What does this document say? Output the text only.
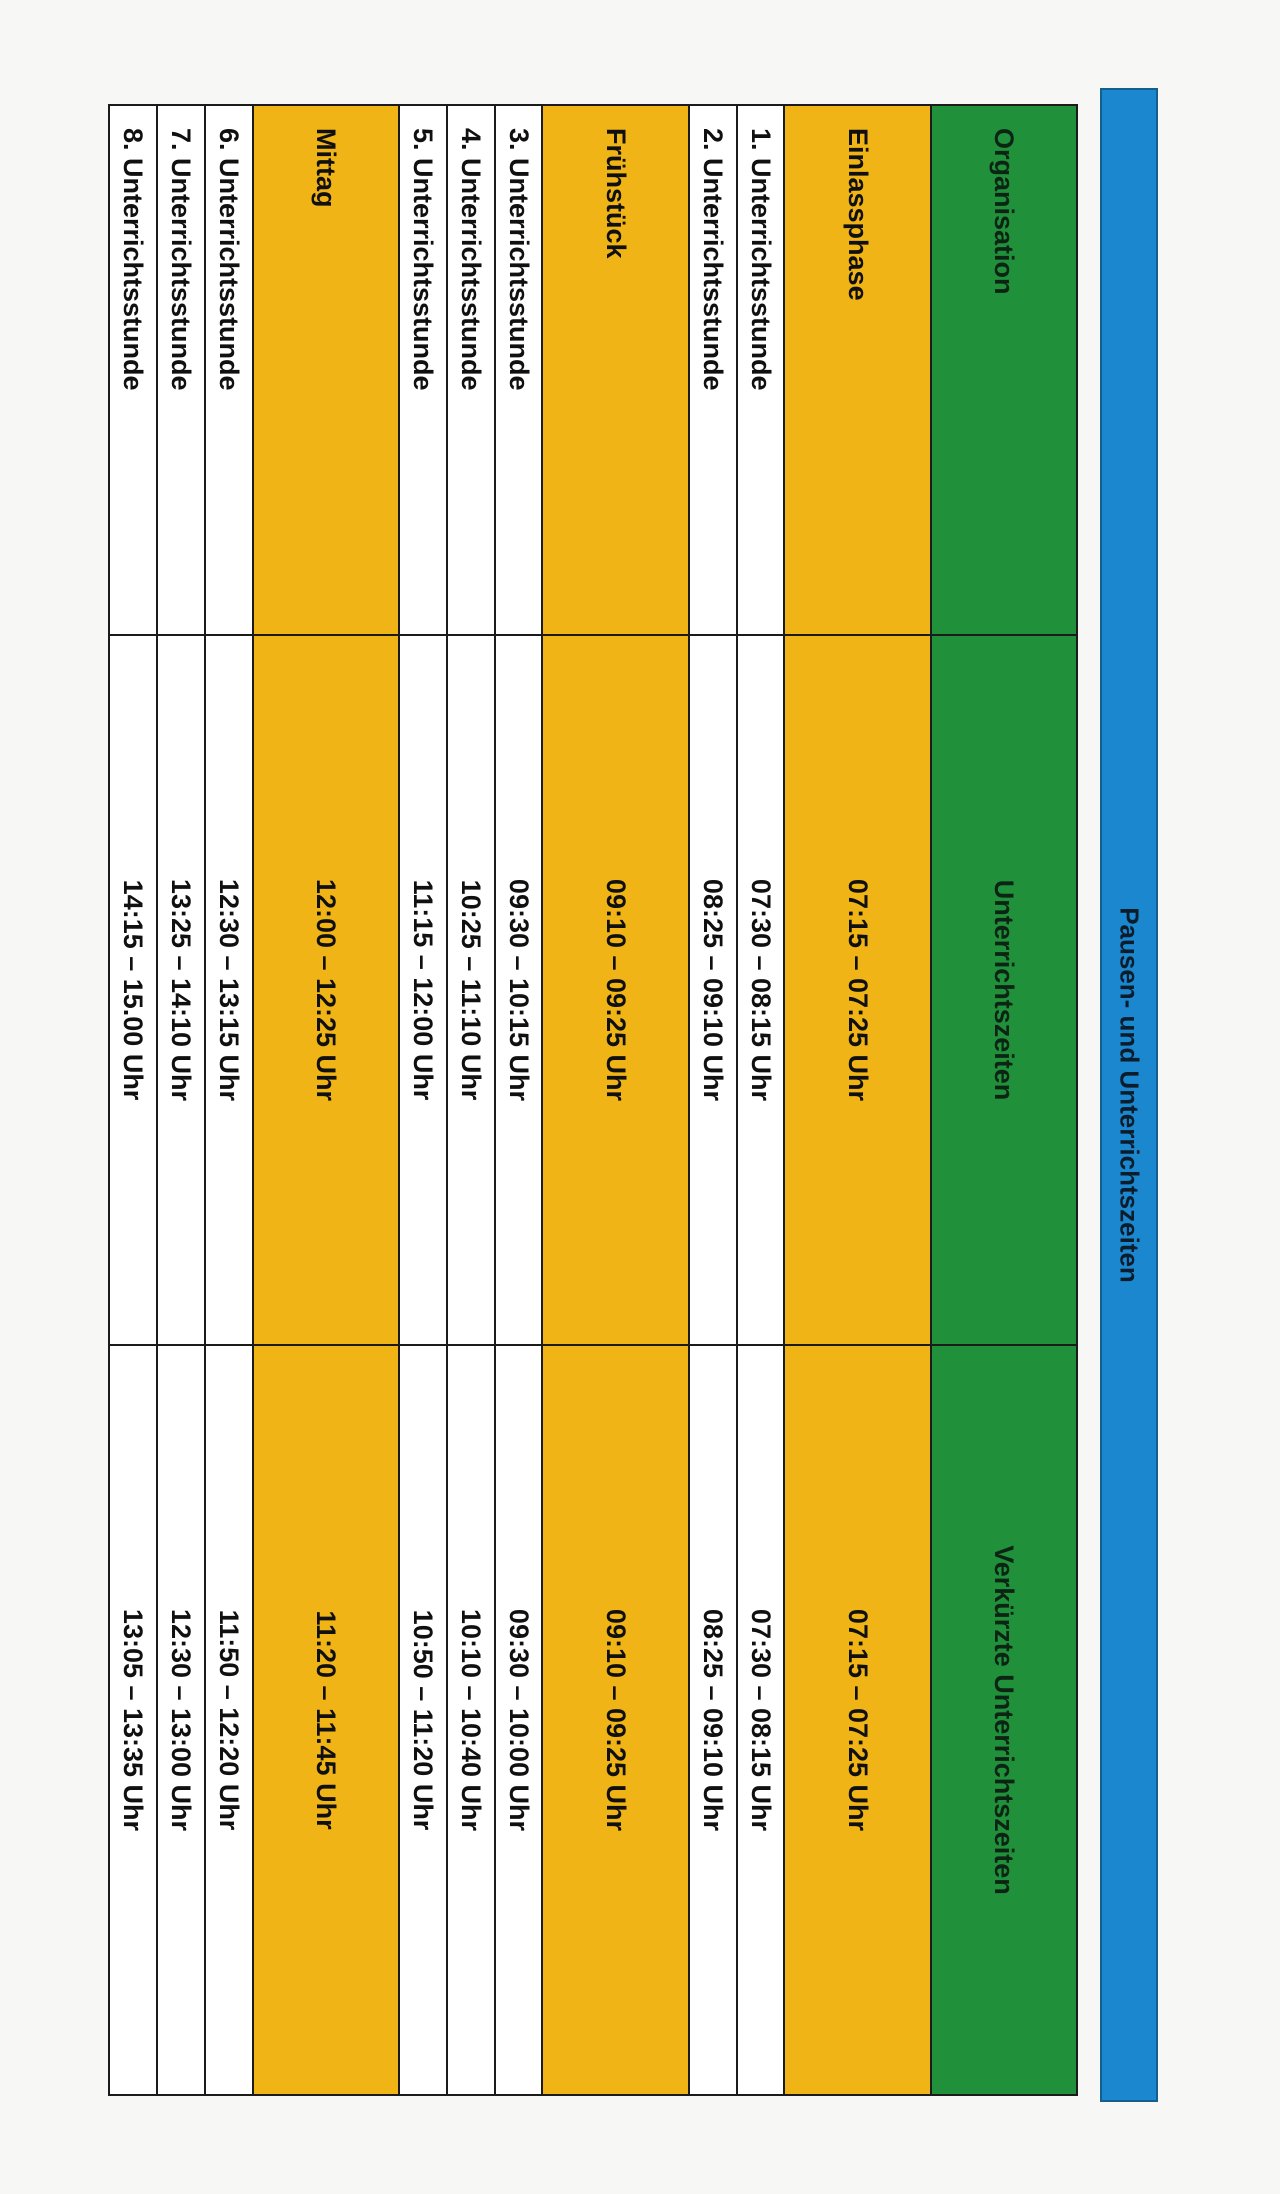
Pausen- und Unterrichtszeiten
Organisation	Unterrichtszeiten	Verkürzte Unterrichtszeiten
Einlassphase	07:15 – 07:25 Uhr	07:15 – 07:25 Uhr
1. Unterrichtsstunde	07:30 – 08:15 Uhr	07:30 – 08:15 Uhr
2. Unterrichtsstunde	08:25 – 09:10 Uhr	08:25 – 09:10 Uhr
Frühstück	09:10 – 09:25 Uhr	09:10 – 09:25 Uhr
3. Unterrichtsstunde	09:30 – 10:15 Uhr	09:30 – 10:00 Uhr
4. Unterrichtsstunde	10:25 – 11:10 Uhr	10:10 – 10:40 Uhr
5. Unterrichtsstunde	11:15 – 12:00 Uhr	10:50 – 11:20 Uhr
Mittag	12:00 – 12:25 Uhr	11:20 – 11:45 Uhr
6. Unterrichtsstunde	12:30 – 13:15 Uhr	11:50 – 12:20 Uhr
7. Unterrichtsstunde	13:25 – 14:10 Uhr	12:30 – 13:00 Uhr
8. Unterrichtsstunde	14:15 – 15.00 Uhr	13:05 – 13:35 Uhr
